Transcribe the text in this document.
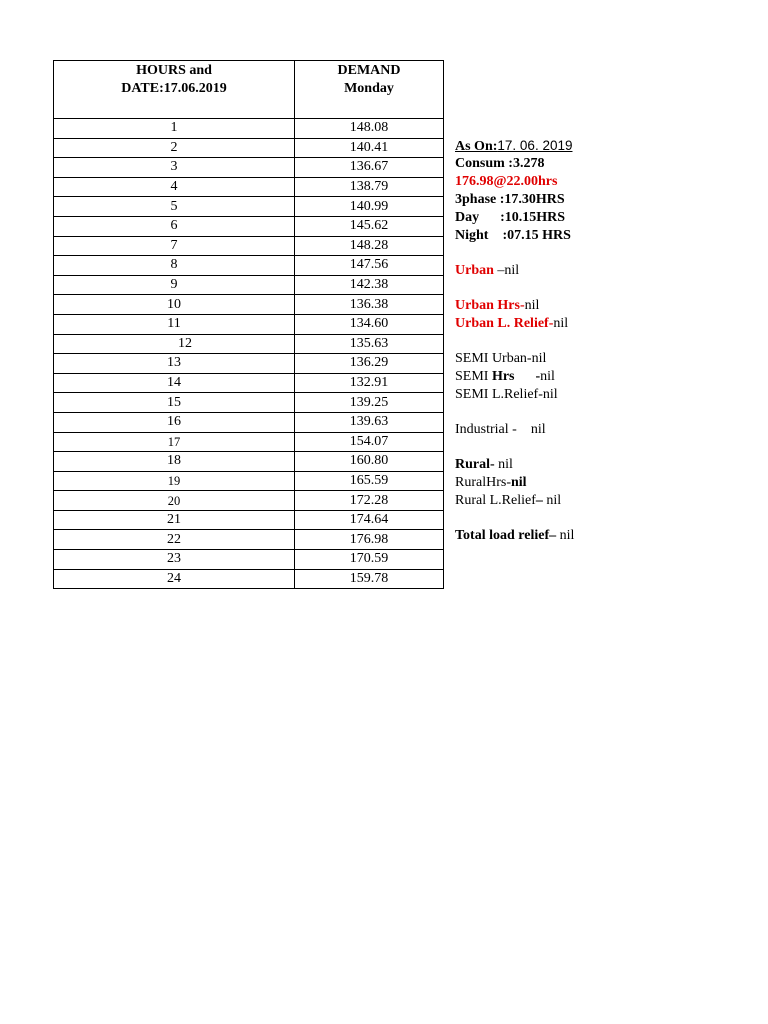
HOURS and
DATE:17.06.2019	DEMAND
Monday

1	148.08
2	140.41
3	136.67
4	138.79
5	140.99
6	145.62
7	148.28
8	147.56
9	142.38
10	136.38
11	134.60
12	135.63
13	136.29
14	132.91
15	139.25
16	139.63
17	154.07
18	160.80
19	165.59
20	172.28
21	174.64
22	176.98
23	170.59
24	159.78
As On:17. 06. 2019
Consum :3.278
176.98@22.00hrs
3phase :17.30HRS
Day      :10.15HRS
Night    :07.15 HRS
Urban –nil
Urban Hrs-nil
Urban L. Relief-nil
SEMI Urban-nil
SEMI Hrs      -nil
SEMI L.Relief-nil
Industrial -    nil
Rural- nil
RuralHrs-nil
Rural L.Relief– nil
Total load relief– nil
